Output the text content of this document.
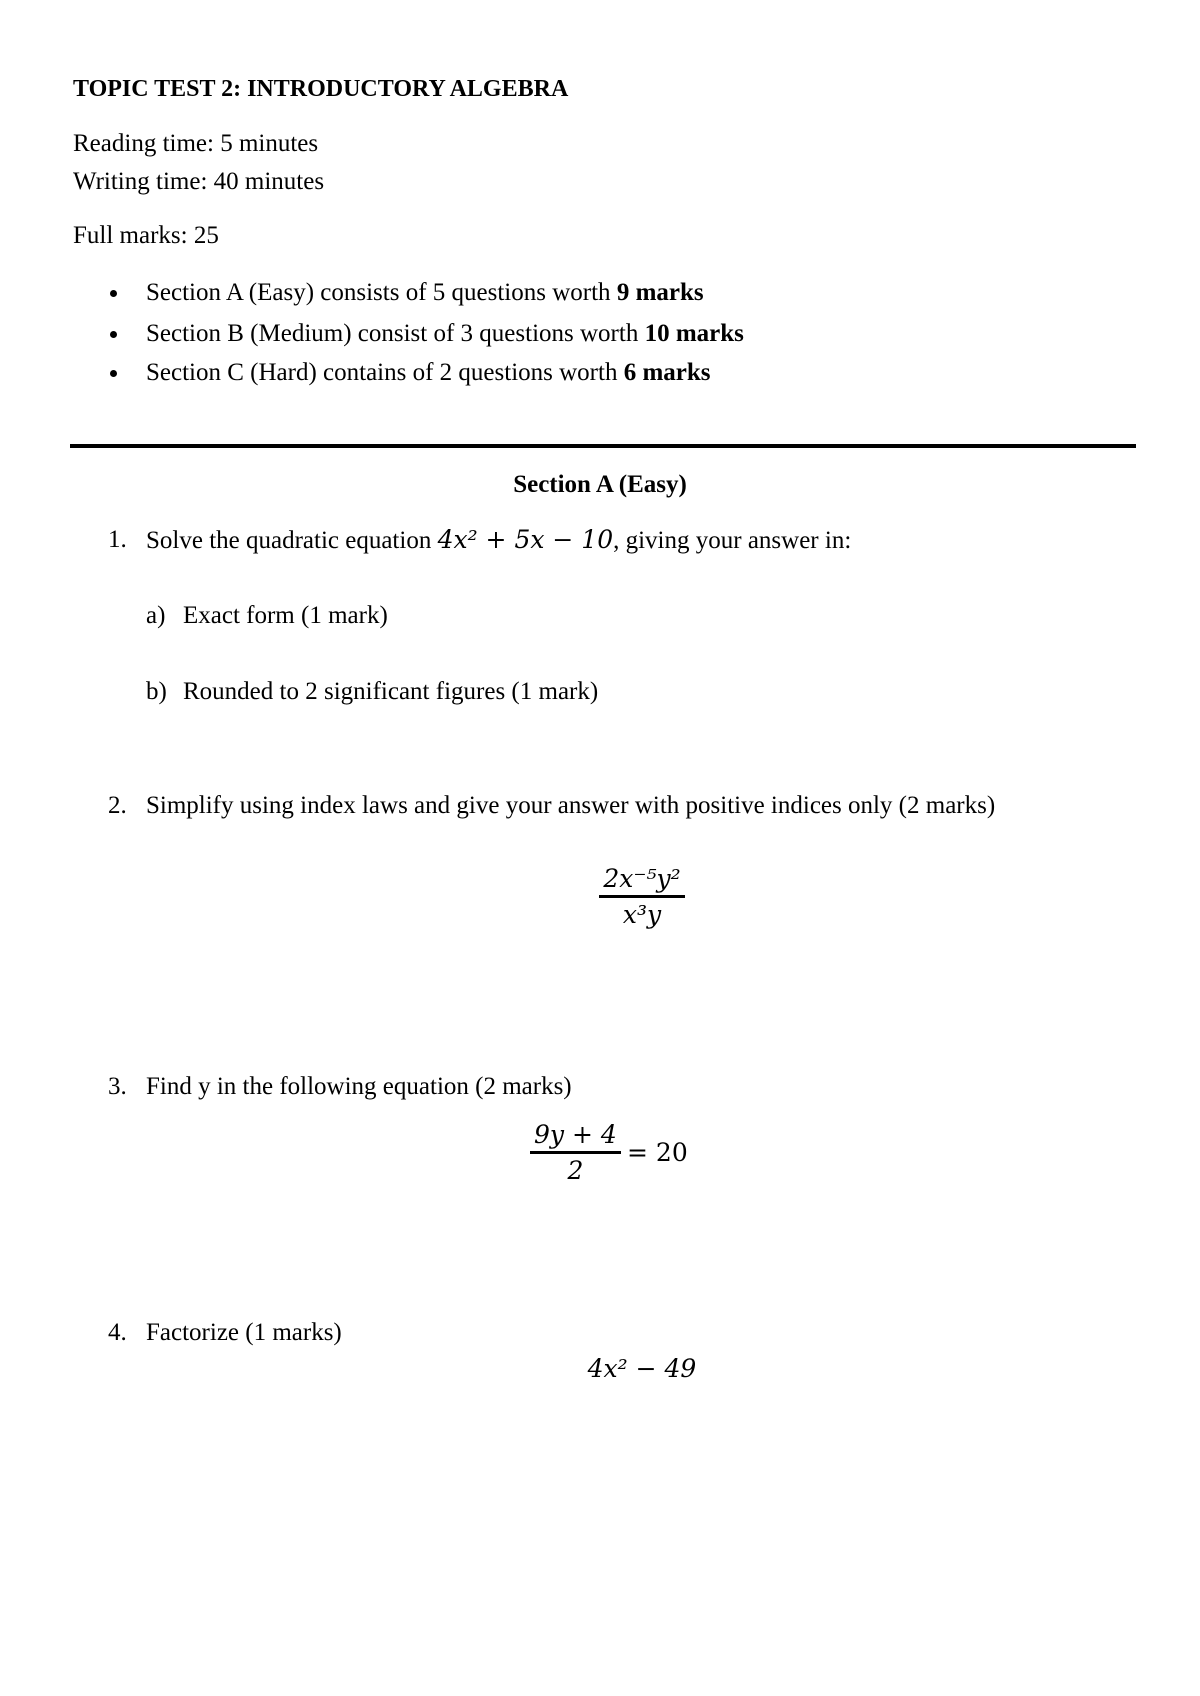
TOPIC TEST 2: INTRODUCTORY ALGEBRA
Reading time: 5 minutes
Writing time: 40 minutes
Full marks: 25
Section A (Easy) consists of 5 questions worth 9 marks
Section B (Medium) consist of 3 questions worth 10 marks
Section C (Hard) contains of 2 questions worth 6 marks
Section A (Easy)
1. Solve the quadratic equation 4x² + 5x − 10, giving your answer in:
a) Exact form (1 mark)
b) Rounded to 2 significant figures (1 mark)
2. Simplify using index laws and give your answer with positive indices only (2 marks)
$\frac{\text{2x⁻⁵y²}}{\text{x³y}}$
3. Find y in the following equation (2 marks)
$\frac{9y + 4}{2} = 20$
4. Factorize (1 marks)
4x² − 49
